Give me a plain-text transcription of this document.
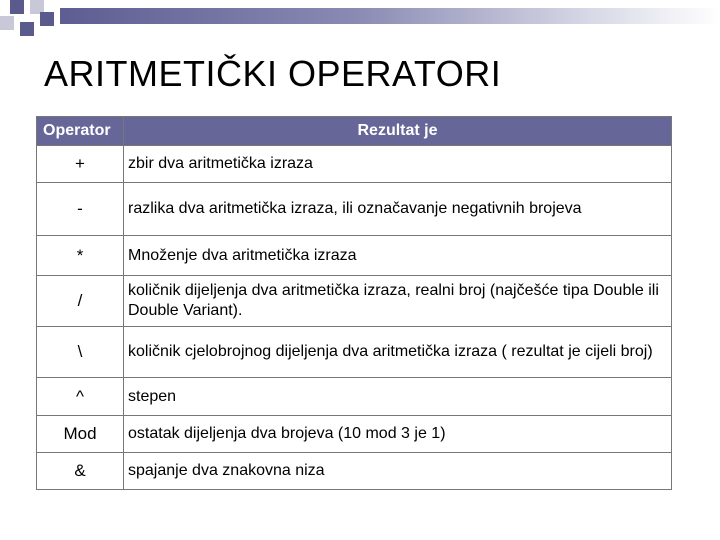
ARITMETIČKI OPERATORI
Operator	Rezultat je
+	zbir dva aritmetička izraza
-	razlika dva aritmetička izraza, ili označavanje negativnih brojeva
*	Množenje dva aritmetička izraza
/	količnik dijeljenja dva aritmetička izraza, realni broj (najčešće tipa Double ili Double Variant).
\	količnik cjelobrojnog dijeljenja dva aritmetička izraza ( rezultat je cijeli broj)
^	stepen
Mod	ostatak dijeljenja dva brojeva (10 mod 3 je 1)
&	spajanje dva znakovna niza
